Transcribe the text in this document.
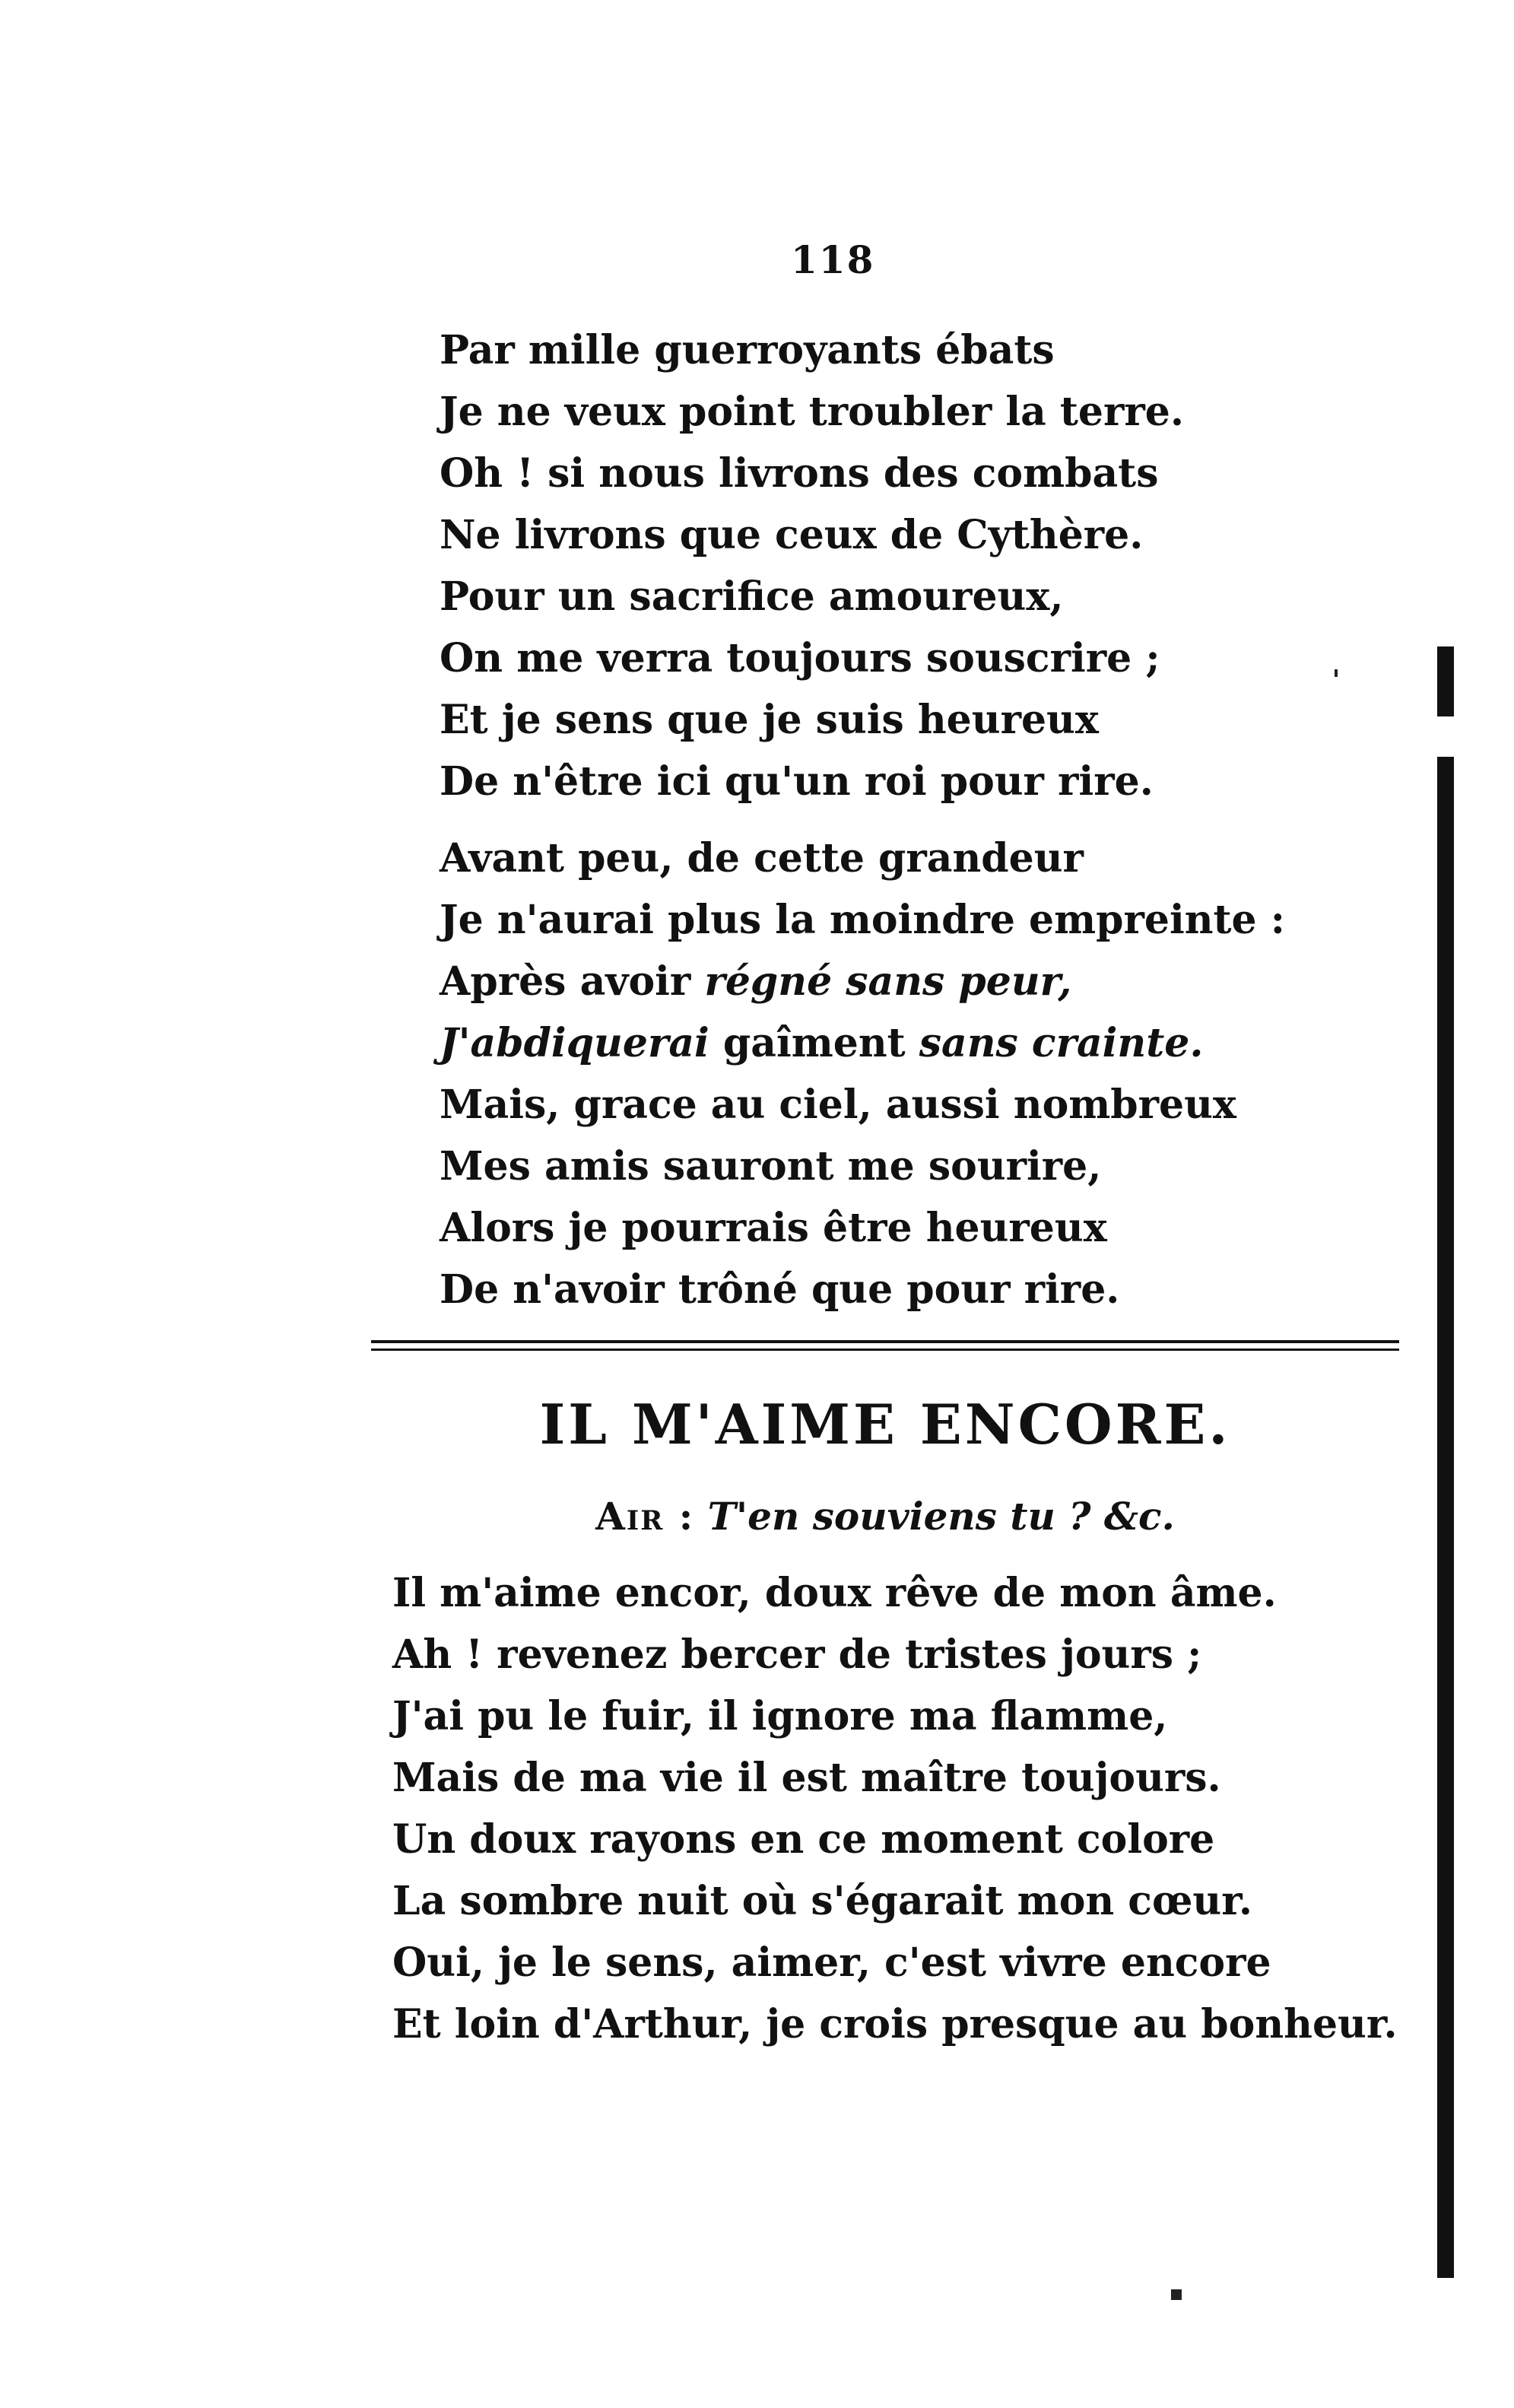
118
Par mille guerroyants ébats
Je ne veux point troubler la terre.
Oh ! si nous livrons des combats
Ne livrons que ceux de Cythère.
Pour un sacrifice amoureux,
On me verra toujours souscrire ;
Et je sens que je suis heureux
De n'être ici qu'un roi pour rire.
Avant peu, de cette grandeur
Je n'aurai plus la moindre empreinte :
Après avoir régné sans peur,
J'abdiquerai gaîment sans crainte.
Mais, grace au ciel, aussi nombreux
Mes amis sauront me sourire,
Alors je pourrais être heureux
De n'avoir trôné que pour rire.
IL M'AIME ENCORE.
Air : T'en souviens tu ? &c.
Il m'aime encor, doux rêve de mon âme.
Ah ! revenez bercer de tristes jours ;
J'ai pu le fuir, il ignore ma flamme,
Mais de ma vie il est maître toujours.
Un doux rayons en ce moment colore
La sombre nuit où s'égarait mon cœur.
Oui, je le sens, aimer, c'est vivre encore
Et loin d'Arthur, je crois presque au bonheur.
